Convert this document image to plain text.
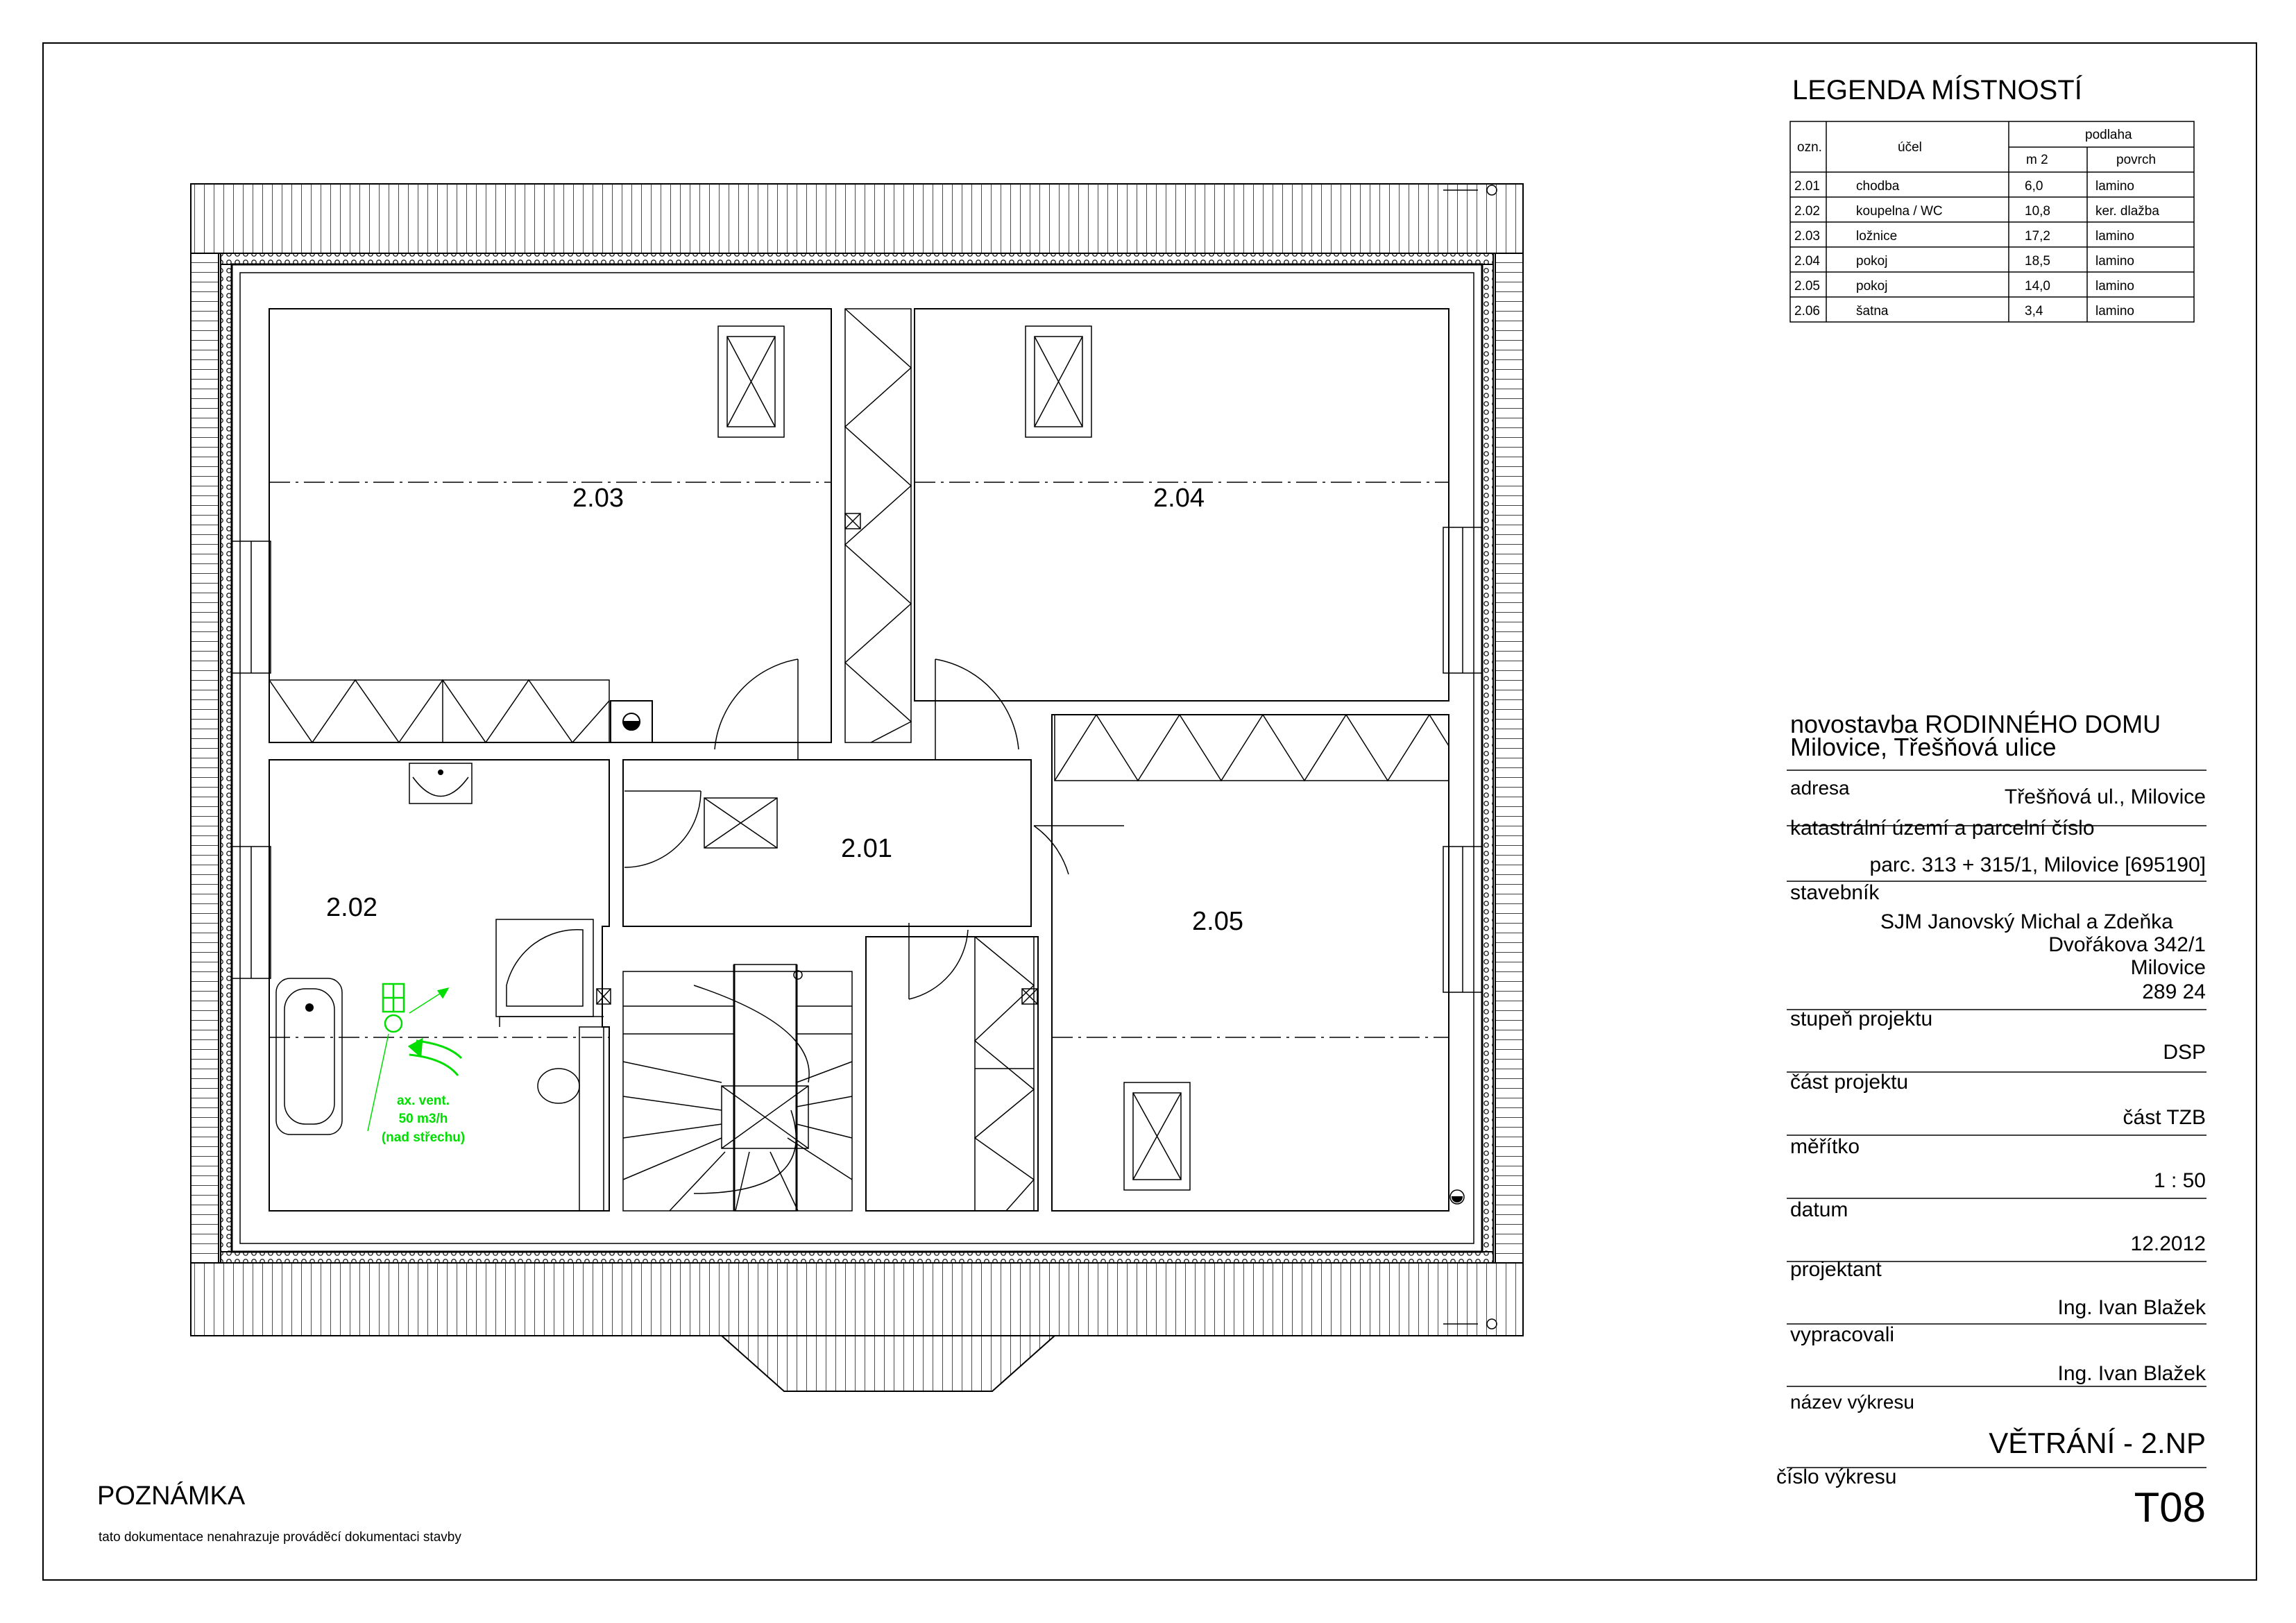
2.03	2.04
2.01
2.02	2.05
ax. vent.
50 m3/h
(nad střechu)
ozn.	účel
podlaha
m 2	povrch
2.01	chodba	6,0	lamino
2.02	koupelna / WC	10,8	ker. dlažba
2.03	ložnice	17,2	lamino
2.04	pokoj	18,5	lamino
2.05	pokoj	14,0	lamino
2.06	šatna	3,4	lamino
LEGENDA MÍSTNOSTÍ
novostavba RODINNÉHO DOMU
Milovice, Třešňová ulice
adresa	Třešňová ul., Milovice
katastrální území a parcelní číslo
parc. 313 + 315/1, Milovice [695190]
stavebník
SJM Janovský Michal a Zdeňka
Dvořákova 342/1
Milovice
289 24
stupeň projektu
DSP
část projektu
část TZB
měřítko
1 : 50
datum
12.2012
projektant
Ing. Ivan Blažek
vypracovali
Ing. Ivan Blažek
název výkresu
VĚTRÁNÍ - 2.NP
číslo výkresu
T08
POZNÁMKA
tato dokumentace nenahrazuje prováděcí dokumentaci stavby
